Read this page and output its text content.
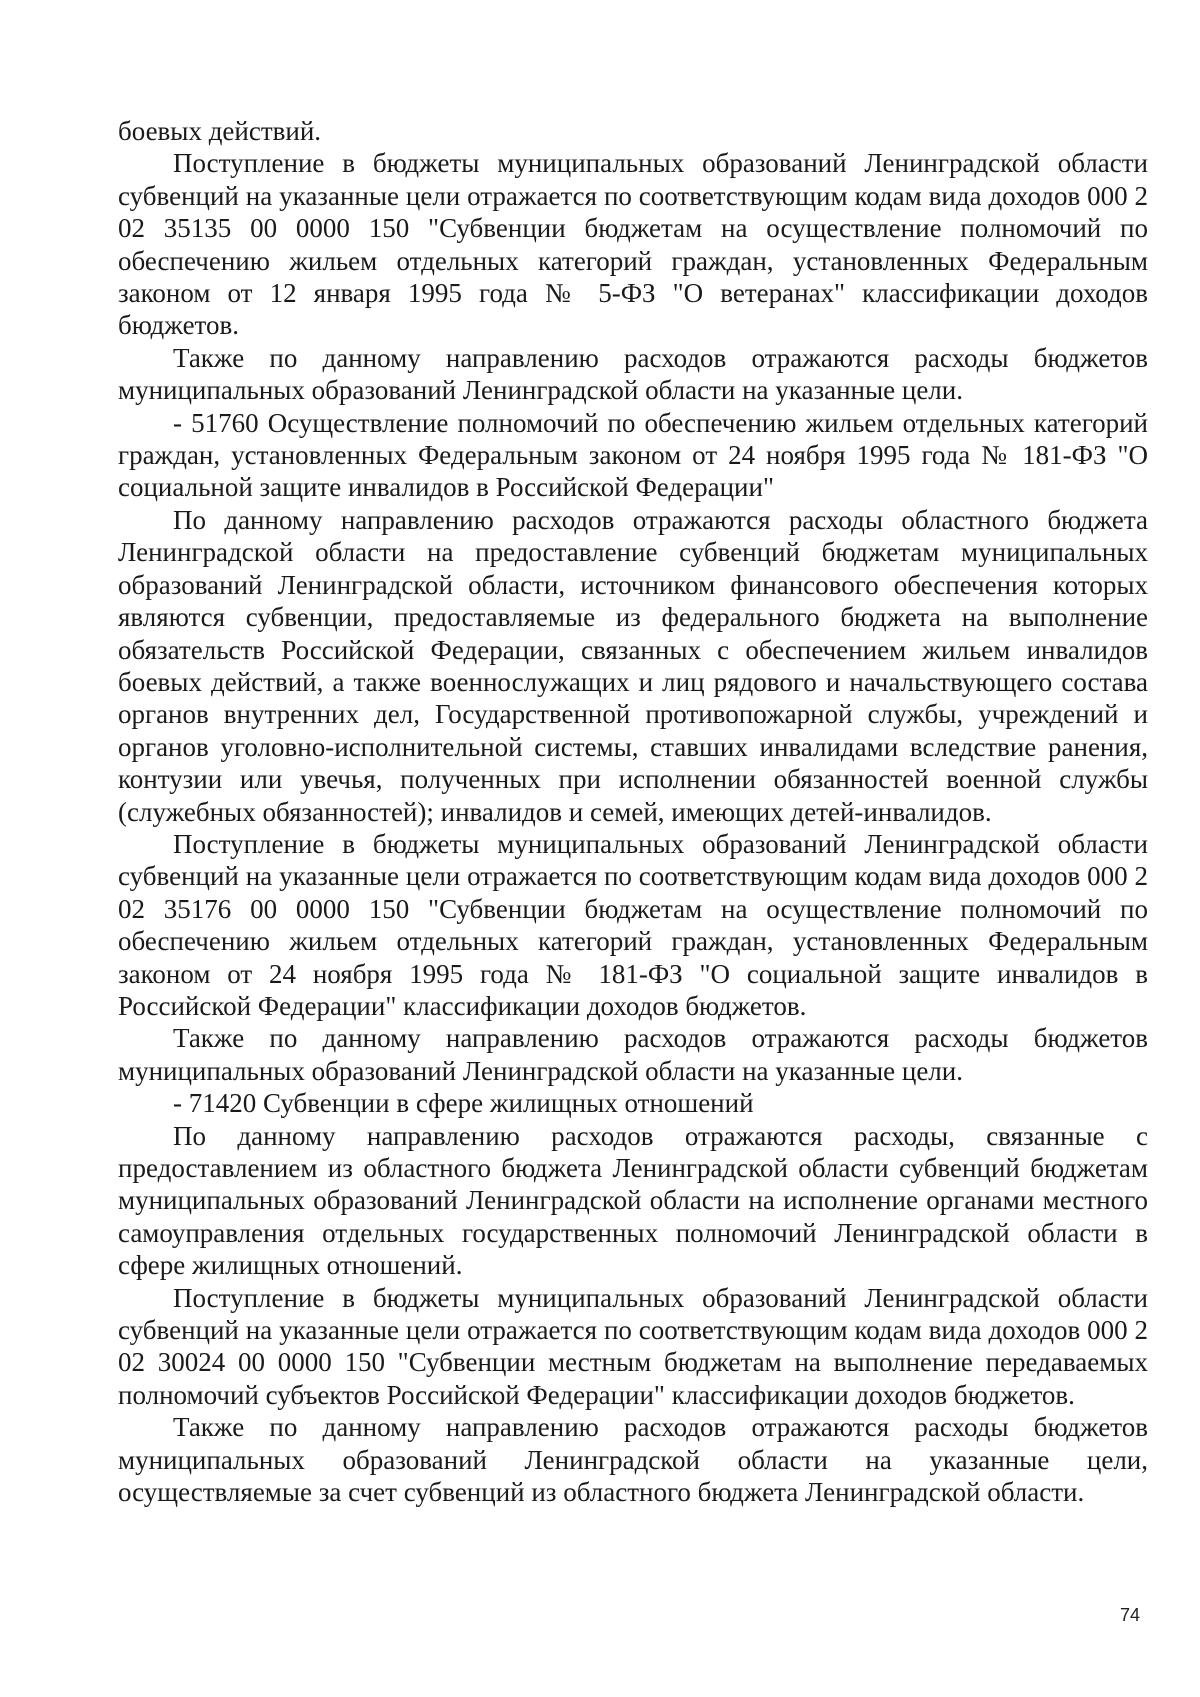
боевых действий.

Поступление в бюджеты муниципальных образований Ленинградской области субвенций на указанные цели отражается по соответствующим кодам вида доходов 000 2 02 35135 00 0000 150 "Субвенции бюджетам на осуществление полномочий по обеспечению жильем отдельных категорий граждан, установленных Федеральным законом от 12 января 1995 года № 5-ФЗ "О ветеранах" классификации доходов бюджетов.

Также по данному направлению расходов отражаются расходы бюджетов муниципальных образований Ленинградской области на указанные цели.

- 51760 Осуществление полномочий по обеспечению жильем отдельных категорий граждан, установленных Федеральным законом от 24 ноября 1995 года № 181-ФЗ "О социальной защите инвалидов в Российской Федерации"

По данному направлению расходов отражаются расходы областного бюджета Ленинградской области на предоставление субвенций бюджетам муниципальных образований Ленинградской области, источником финансового обеспечения которых являются субвенции, предоставляемые из федерального бюджета на выполнение обязательств Российской Федерации, связанных с обеспечением жильем инвалидов боевых действий, а также военнослужащих и лиц рядового и начальствующего состава органов внутренних дел, Государственной противопожарной службы, учреждений и органов уголовно-исполнительной системы, ставших инвалидами вследствие ранения, контузии или увечья, полученных при исполнении обязанностей военной службы (служебных обязанностей); инвалидов и семей, имеющих детей-инвалидов.

Поступление в бюджеты муниципальных образований Ленинградской области субвенций на указанные цели отражается по соответствующим кодам вида доходов 000 2 02 35176 00 0000 150 "Субвенции бюджетам на осуществление полномочий по обеспечению жильем отдельных категорий граждан, установленных Федеральным законом от 24 ноября 1995 года № 181-ФЗ "О социальной защите инвалидов в Российской Федерации" классификации доходов бюджетов.

Также по данному направлению расходов отражаются расходы бюджетов муниципальных образований Ленинградской области на указанные цели.

- 71420 Субвенции в сфере жилищных отношений

По данному направлению расходов отражаются расходы, связанные с предоставлением из областного бюджета Ленинградской области субвенций бюджетам муниципальных образований Ленинградской области на исполнение органами местного самоуправления отдельных государственных полномочий Ленинградской области в сфере жилищных отношений.

Поступление в бюджеты муниципальных образований Ленинградской области субвенций на указанные цели отражается по соответствующим кодам вида доходов 000 2 02 30024 00 0000 150 "Субвенции местным бюджетам на выполнение передаваемых полномочий субъектов Российской Федерации" классификации доходов бюджетов.

Также по данному направлению расходов отражаются расходы бюджетов муниципальных образований Ленинградской области на указанные цели, осуществляемые за счет субвенций из областного бюджета Ленинградской области.

74
